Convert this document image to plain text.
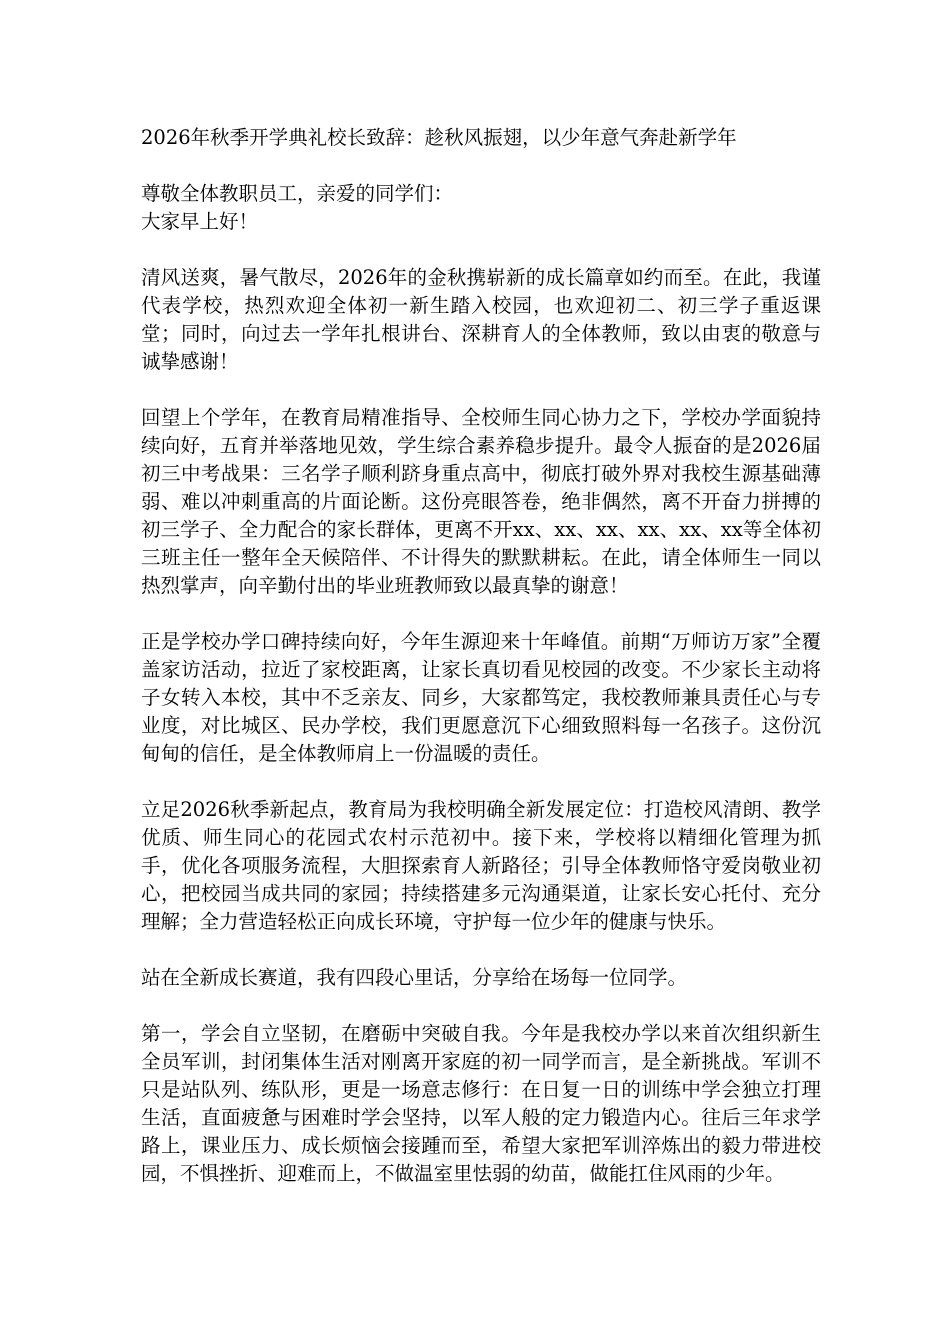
2026年秋季开学典礼校长致辞：趁秋风振翅，以少年意气奔赴新学年
尊敬全体教职员工，亲爱的同学们：
大家早上好！

清风送爽，暑气散尽，2026年的金秋携崭新的成长篇章如约而至。在此，我谨代表学校，热烈欢迎全体初一新生踏入校园，也欢迎初二、初三学子重返课堂；同时，向过去一学年扎根讲台、深耕育人的全体教师，致以由衷的敬意与诚挚感谢！

回望上个学年，在教育局精准指导、全校师生同心协力之下，学校办学面貌持续向好，五育并举落地见效，学生综合素养稳步提升。最令人振奋的是2026届初三中考战果：三名学子顺利跻身重点高中，彻底打破外界对我校生源基础薄弱、难以冲刺重高的片面论断。这份亮眼答卷，绝非偶然，离不开奋力拼搏的初三学子、全力配合的家长群体，更离不开xx、xx、xx、xx、xx、xx等全体初三班主任一整年全天候陪伴、不计得失的默默耕耘。在此，请全体师生一同以热烈掌声，向辛勤付出的毕业班教师致以最真挚的谢意！

正是学校办学口碑持续向好，今年生源迎来十年峰值。前期“万师访万家”全覆盖家访活动，拉近了家校距离，让家长真切看见校园的改变。不少家长主动将子女转入本校，其中不乏亲友、同乡，大家都笃定，我校教师兼具责任心与专业度，对比城区、民办学校，我们更愿意沉下心细致照料每一名孩子。这份沉甸甸的信任，是全体教师肩上一份温暖的责任。

立足2026秋季新起点，教育局为我校明确全新发展定位：打造校风清朗、教学优质、师生同心的花园式农村示范初中。接下来，学校将以精细化管理为抓手，优化各项服务流程，大胆探索育人新路径；引导全体教师恪守爱岗敬业初心，把校园当成共同的家园；持续搭建多元沟通渠道，让家长安心托付、充分理解；全力营造轻松正向成长环境，守护每一位少年的健康与快乐。

站在全新成长赛道，我有四段心里话，分享给在场每一位同学。

第一，学会自立坚韧，在磨砺中突破自我。今年是我校办学以来首次组织新生全员军训，封闭集体生活对刚离开家庭的初一同学而言，是全新挑战。军训不只是站队列、练队形，更是一场意志修行：在日复一日的训练中学会独立打理生活，直面疲惫与困难时学会坚持，以军人般的定力锻造内心。往后三年求学路上，课业压力、成长烦恼会接踵而至，希望大家把军训淬炼出的毅力带进校园，不惧挫折、迎难而上，不做温室里怯弱的幼苗，做能扛住风雨的少年。
